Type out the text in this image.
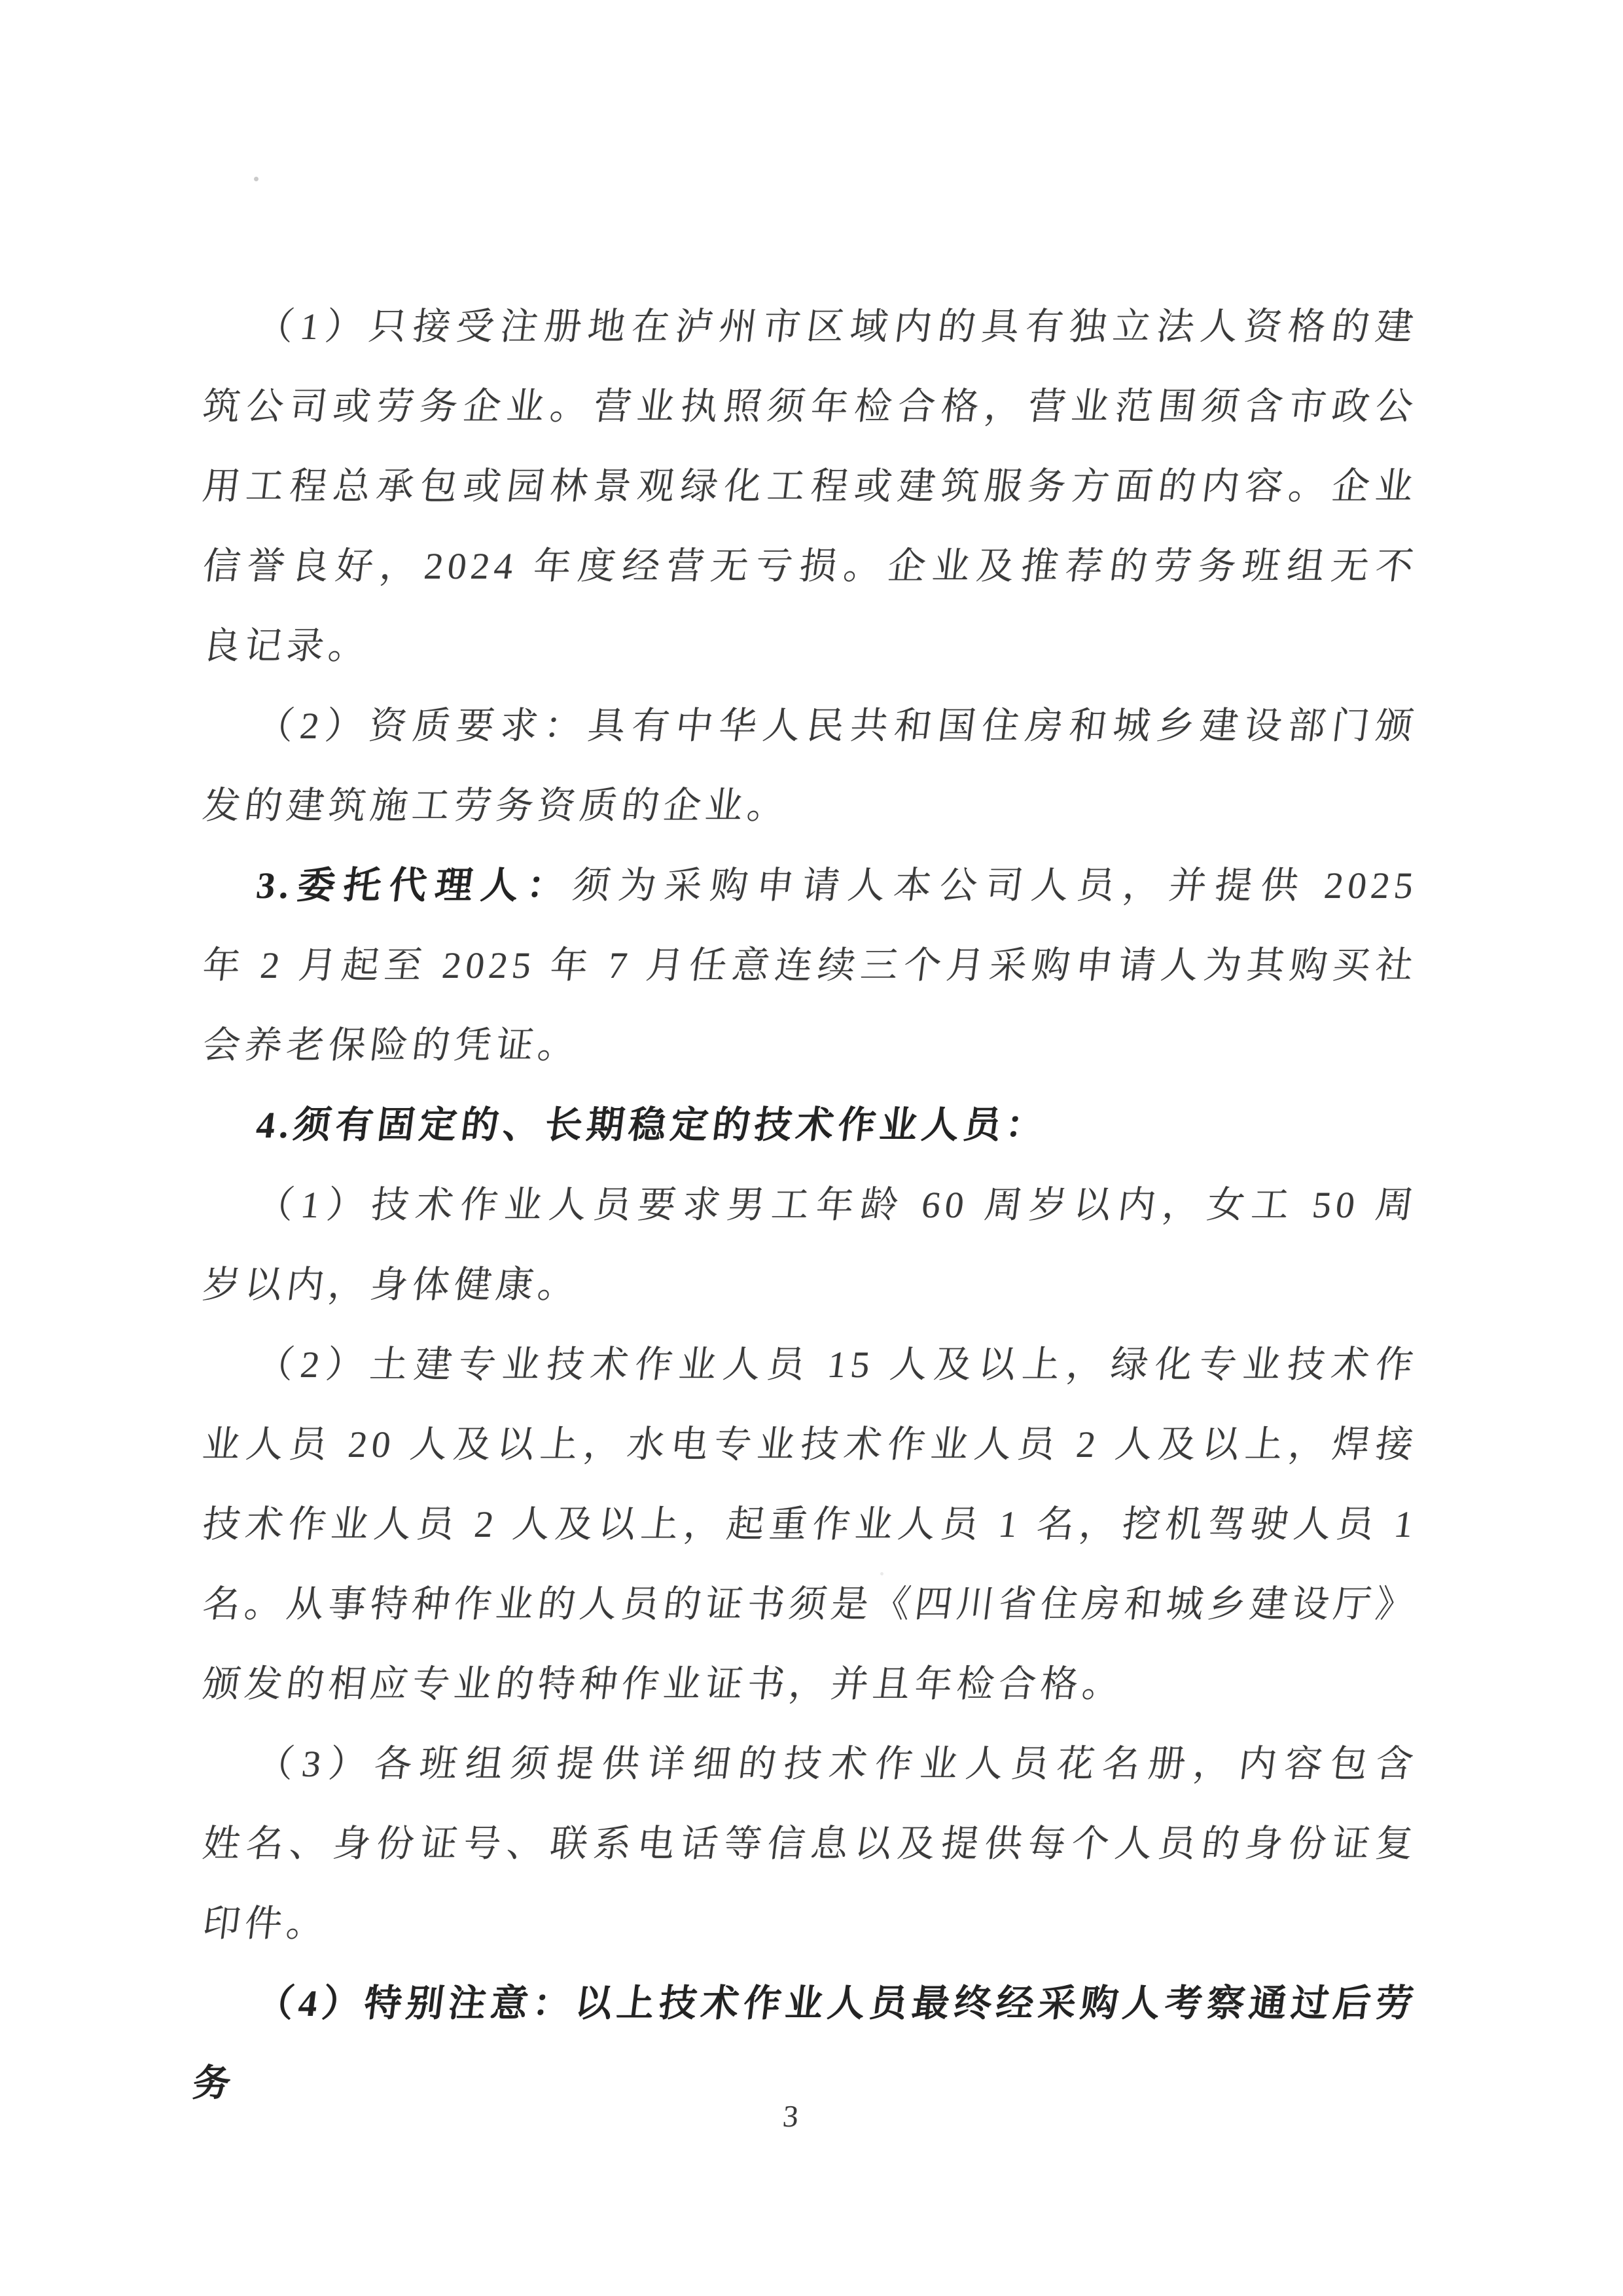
（1）只接受注册地在泸州市区域内的具有独立法人资格的建
筑公司或劳务企业。营业执照须年检合格，营业范围须含市政公
用工程总承包或园林景观绿化工程或建筑服务方面的内容。企业
信誉良好，2024 年度经营无亏损。企业及推荐的劳务班组无不
良记录。
（2）资质要求：具有中华人民共和国住房和城乡建设部门颁
发的建筑施工劳务资质的企业。
3.委托代理人：须为采购申请人本公司人员，并提供 2025
年 2 月起至 2025 年 7 月任意连续三个月采购申请人为其购买社
会养老保险的凭证。
4.须有固定的、长期稳定的技术作业人员：
（1）技术作业人员要求男工年龄 60 周岁以内，女工 50 周
岁以内，身体健康。
（2）土建专业技术作业人员 15 人及以上，绿化专业技术作
业人员 20 人及以上，水电专业技术作业人员 2 人及以上，焊接
技术作业人员 2 人及以上，起重作业人员 1 名，挖机驾驶人员 1
名。从事特种作业的人员的证书须是《四川省住房和城乡建设厅》
颁发的相应专业的特种作业证书，并且年检合格。
（3）各班组须提供详细的技术作业人员花名册，内容包含
姓名、身份证号、联系电话等信息以及提供每个人员的身份证复
印件。
（4）特别注意：以上技术作业人员最终经采购人考察通过后劳务
3
